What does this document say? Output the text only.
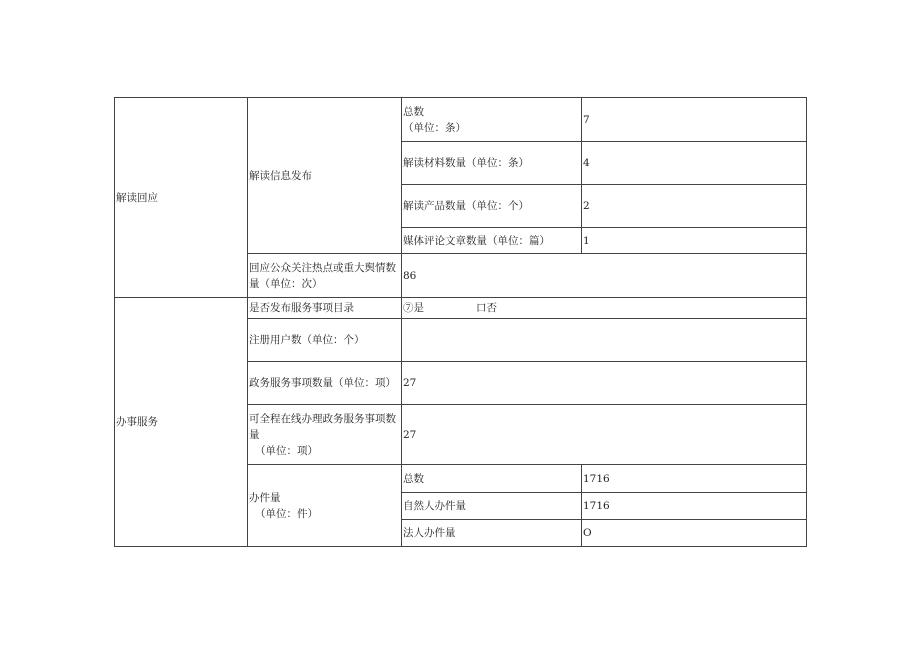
解读回应	解读信息发布	总数
（单位：条）	7
		解读材料数量（单位：条）	4
		解读产品数量（单位：个）	2
		媒体评论文章数量（单位：篇）	1

	回应公众关注热点或重大舆情数
量（单位：次）	86	
办事服务	是否发布服务事项目录	⑦是 口否	
	注册用户数（单位：个）		
	政务服务事项数量（单位：项）	27	

	可全程在线办理政务服务事项数
量
（单位：项）	27	

	办件量
（单位：件）	总数	1716
		自然人办件量	1716
		法人办件量	O
